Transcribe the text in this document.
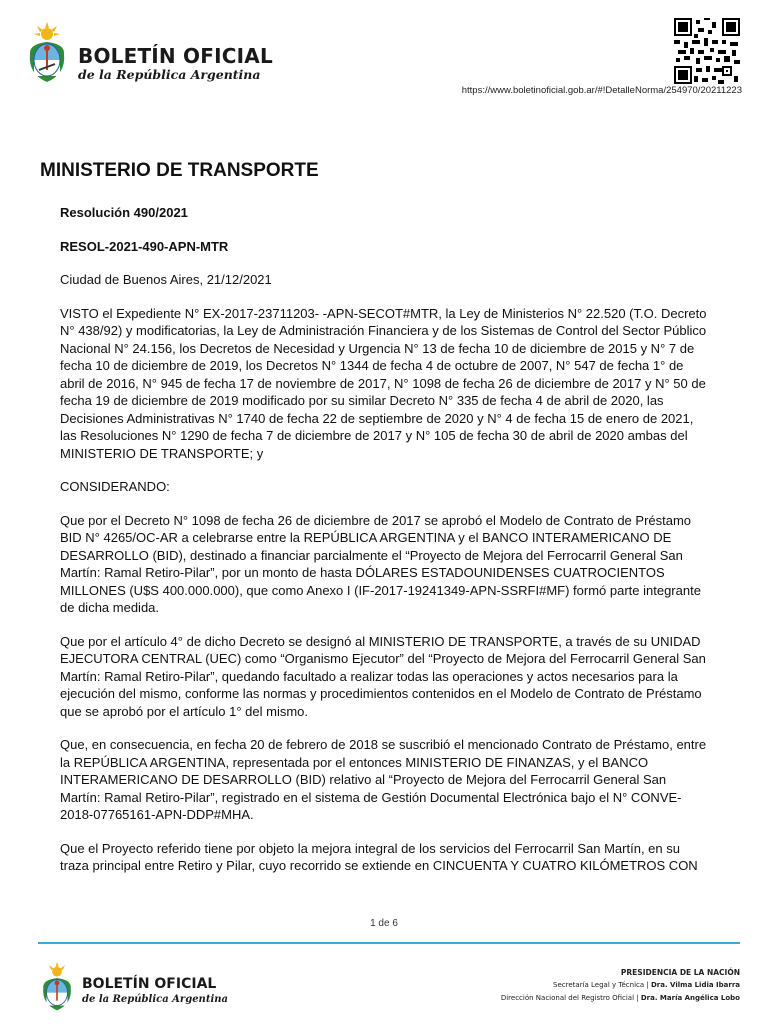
BOLETÍN OFICIAL
de la República Argentina
https://www.boletinoficial.gob.ar/#!DetalleNorma/254970/20211223
MINISTERIO DE TRANSPORTE

Resolución 490/2021

RESOL-2021-490-APN-MTR

Ciudad de Buenos Aires, 21/12/2021

VISTO el Expediente N° EX-2017-23711203- -APN-SECOT#MTR, la Ley de Ministerios N° 22.520 (T.O. Decreto N° 438/92) y modificatorias, la Ley de Administración Financiera y de los Sistemas de Control del Sector Público Nacional N° 24.156, los Decretos de Necesidad y Urgencia N° 13 de fecha 10 de diciembre de 2015 y N° 7 de fecha 10 de diciembre de 2019, los Decretos N° 1344 de fecha 4 de octubre de 2007, N° 547 de fecha 1° de abril de 2016, N° 945 de fecha 17 de noviembre de 2017, N° 1098 de fecha 26 de diciembre de 2017 y N° 50 de fecha 19 de diciembre de 2019 modificado por su similar Decreto N° 335 de fecha 4 de abril de 2020, las Decisiones Administrativas N° 1740 de fecha 22 de septiembre de 2020 y N° 4 de fecha 15 de enero de 2021, las Resoluciones N° 1290 de fecha 7 de diciembre de 2017 y N° 105 de fecha 30 de abril de 2020 ambas del MINISTERIO DE TRANSPORTE; y

CONSIDERANDO:

Que por el Decreto N° 1098 de fecha 26 de diciembre de 2017 se aprobó el Modelo de Contrato de Préstamo BID N° 4265/OC-AR a celebrarse entre la REPÚBLICA ARGENTINA y el BANCO INTERAMERICANO DE DESARROLLO (BID), destinado a financiar parcialmente el “Proyecto de Mejora del Ferrocarril General San Martín: Ramal Retiro-Pilar”, por un monto de hasta DÓLARES ESTADOUNIDENSES CUATROCIENTOS MILLONES (U$S 400.000.000), que como Anexo I (IF-2017-19241349-APN-SSRFI#MF) formó parte integrante de dicha medida.

Que por el artículo 4° de dicho Decreto se designó al MINISTERIO DE TRANSPORTE, a través de su UNIDAD EJECUTORA CENTRAL (UEC) como “Organismo Ejecutor” del “Proyecto de Mejora del Ferrocarril General San Martín: Ramal Retiro-Pilar”, quedando facultado a realizar todas las operaciones y actos necesarios para la ejecución del mismo, conforme las normas y procedimientos contenidos en el Modelo de Contrato de Préstamo que se aprobó por el artículo 1° del mismo.

Que, en consecuencia, en fecha 20 de febrero de 2018 se suscribió el mencionado Contrato de Préstamo, entre la REPÚBLICA ARGENTINA, representada por el entonces MINISTERIO DE FINANZAS, y el BANCO INTERAMERICANO DE DESARROLLO (BID) relativo al “Proyecto de Mejora del Ferrocarril General San Martín: Ramal Retiro-Pilar”, registrado en el sistema de Gestión Documental Electrónica bajo el N° CONVE-2018-07765161-APN-DDP#MHA.

Que el Proyecto referido tiene por objeto la mejora integral de los servicios del Ferrocarril San Martín, en su traza principal entre Retiro y Pilar, cuyo recorrido se extiende en CINCUENTA Y CUATRO KILÓMETROS CON

1 de 6
BOLETÍN OFICIAL
de la República Argentina
PRESIDENCIA DE LA NACIÓN
Secretaría Legal y Técnica | Dra. Vilma Lidia Ibarra
Dirección Nacional del Registro Oficial | Dra. María Angélica Lobo
